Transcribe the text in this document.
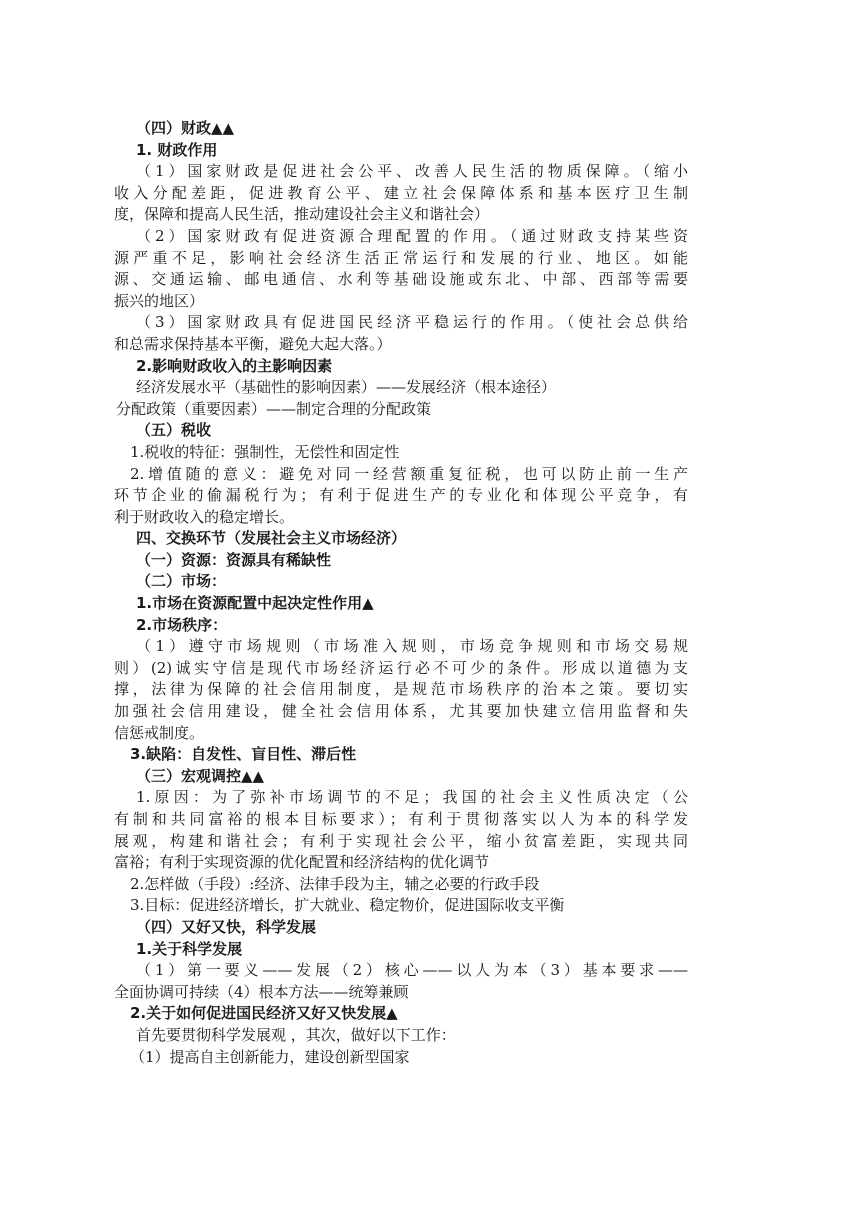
（四）财政▲▲
1. 财政作用
（1）国家财政是促进社会公平、改善人民生活的物质保障。（缩小
收入分配差距，促进教育公平、建立社会保障体系和基本医疗卫生制
度，保障和提高人民生活，推动建设社会主义和谐社会）
（2）国家财政有促进资源合理配置的作用。（通过财政支持某些资
源严重不足，影响社会经济生活正常运行和发展的行业、地区。如能
源、交通运输、邮电通信、水利等基础设施或东北、中部、西部等需要
振兴的地区）
（3）国家财政具有促进国民经济平稳运行的作用。（使社会总供给
和总需求保持基本平衡，避免大起大落。）
2.影响财政收入的主影响因素
经济发展水平（基础性的影响因素）——发展经济（根本途径）
分配政策（重要因素）——制定合理的分配政策
（五）税收
1.税收的特征：强制性，无偿性和固定性
2.增值随的意义：避免对同一经营额重复征税，也可以防止前一生产
环节企业的偷漏税行为；有利于促进生产的专业化和体现公平竞争，有
利于财政收入的稳定增长。
四、交换环节（发展社会主义市场经济）
（一）资源：资源具有稀缺性
（二）市场：
1.市场在资源配置中起决定性作用▲
2.市场秩序：
（1）遵守市场规则（市场准入规则，市场竞争规则和市场交易规
则）(2)诚实守信是现代市场经济运行必不可少的条件。形成以道德为支
撑，法律为保障的社会信用制度，是规范市场秩序的治本之策。要切实
加强社会信用建设，健全社会信用体系，尤其要加快建立信用监督和失
信惩戒制度。
3.缺陷：自发性、盲目性、滞后性
（三）宏观调控▲▲
1.原因：为了弥补市场调节的不足；我国的社会主义性质决定（公
有制和共同富裕的根本目标要求）；有利于贯彻落实以人为本的科学发
展观，构建和谐社会；有利于实现社会公平，缩小贫富差距，实现共同
富裕；有利于实现资源的优化配置和经济结构的优化调节
2.怎样做（手段）:经济、法律手段为主，辅之必要的行政手段
3.目标：促进经济增长，扩大就业、稳定物价，促进国际收支平衡
（四）又好又快，科学发展
1.关于科学发展
（1）第一要义——发展（2）核心——以人为本（3）基本要求——
全面协调可持续（4）根本方法——统筹兼顾
2.关于如何促进国民经济又好又快发展▲
首先要贯彻科学发展观 ，其次，做好以下工作：
（1）提高自主创新能力，建设创新型国家
